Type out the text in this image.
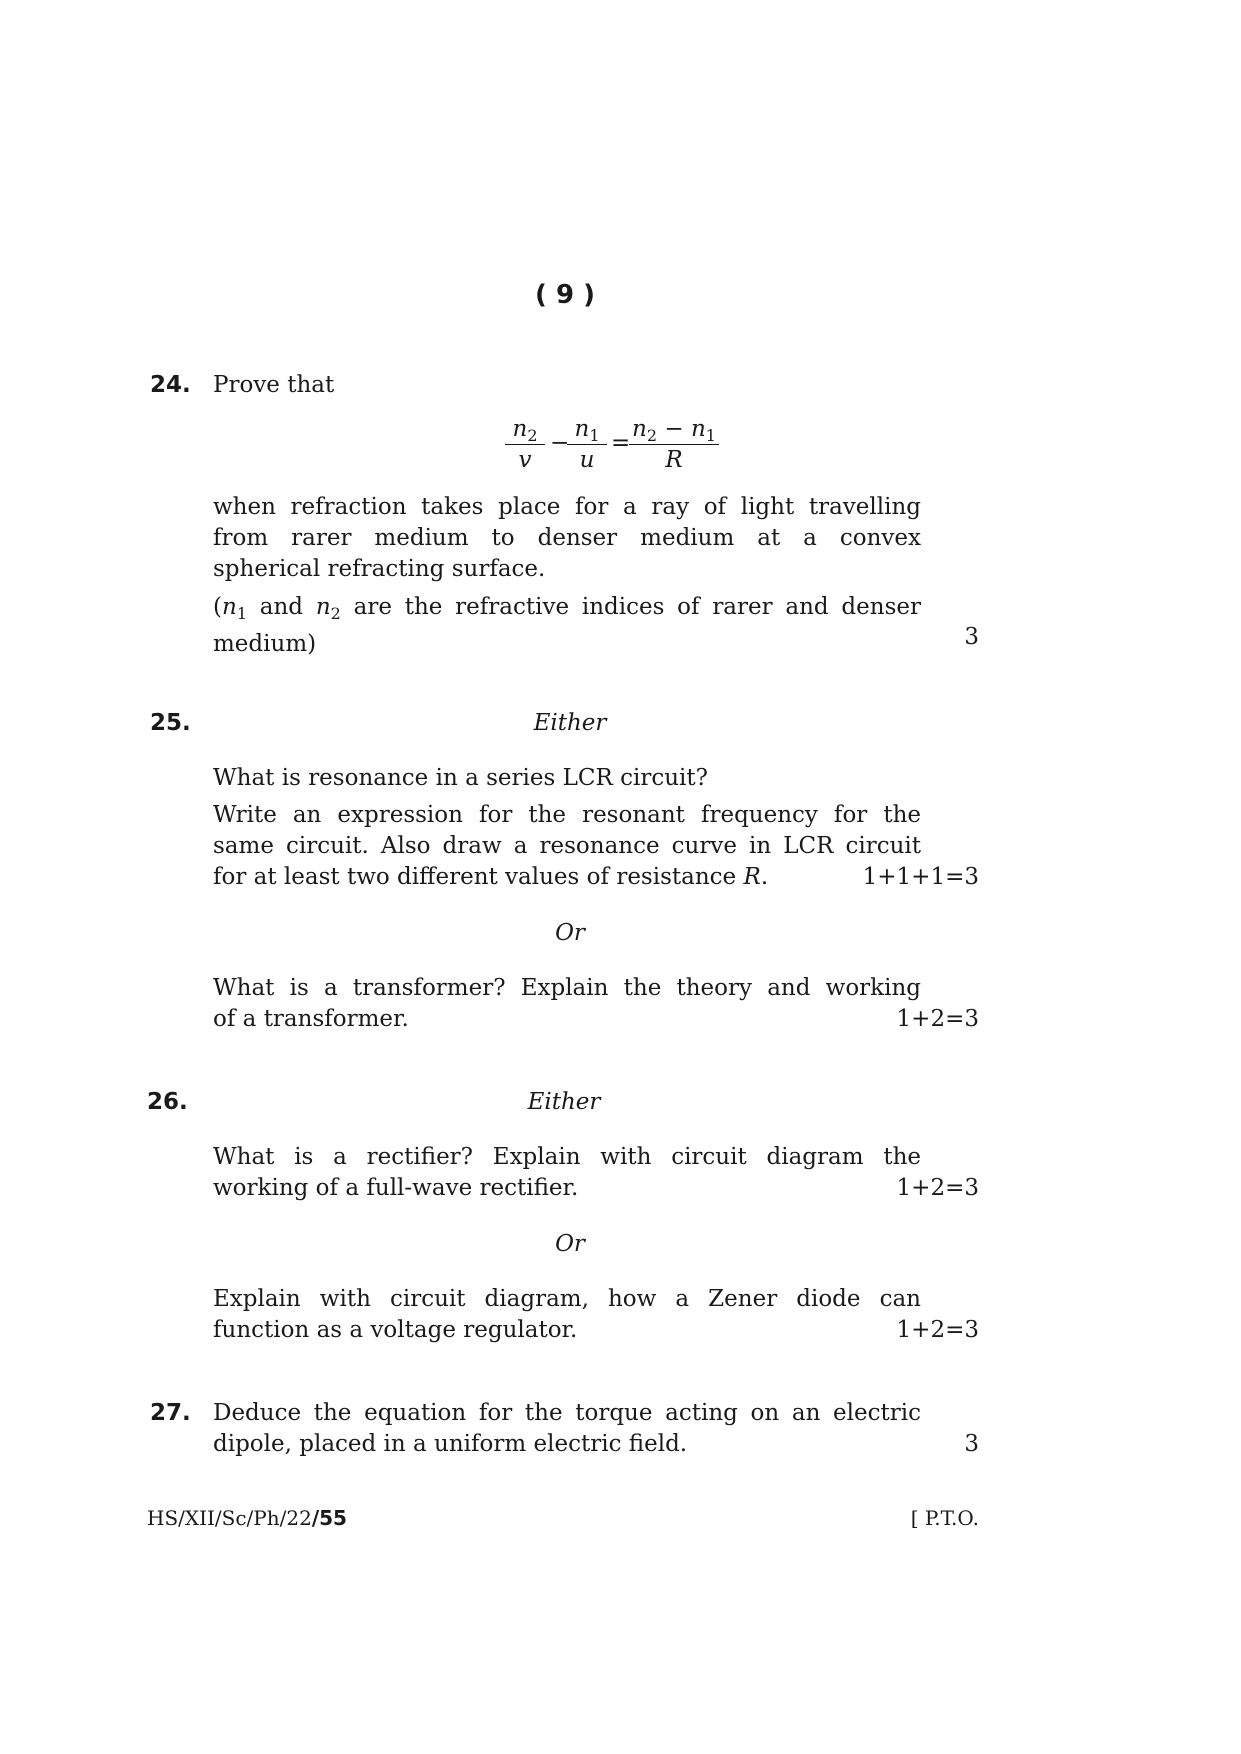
( 9 )
24. Prove that
$n_2$
v
−
$n_1$
u
=
$n_2 - n_1$
R
when refraction takes place for a ray of light travelling
from rarer medium to denser medium at a convex
spherical refracting surface.
($n_1$ and $n_2$ are the refractive indices of rarer and denser
medium)	3
25.	Either
What is resonance in a series LCR circuit?
Write an expression for the resonant frequency for the
same circuit. Also draw a resonance curve in LCR circuit
for at least two different values of resistance R.	1+1+1=3
Or
What is a transformer? Explain the theory and working
of a transformer.	1+2=3
26.	Either
What is a rectifier? Explain with circuit diagram the
working of a full-wave rectifier.	1+2=3
Or
Explain with circuit diagram, how a Zener diode can
function as a voltage regulator.	1+2=3
27. Deduce the equation for the torque acting on an electric
dipole, placed in a uniform electric field.	3
HS/XII/Sc/Ph/22/55	[ P.T.O.
